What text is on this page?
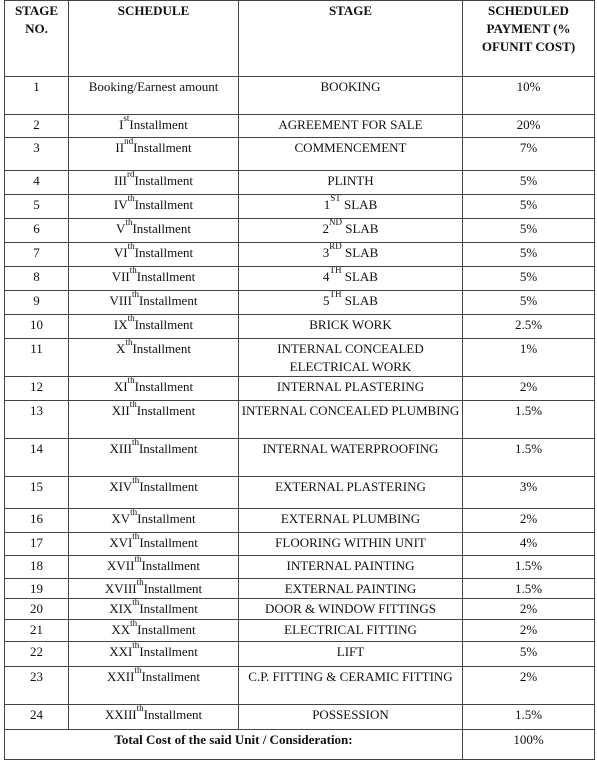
STAGE NO.	SCHEDULE	STAGE	SCHEDULED PAYMENT (% OFUNIT COST)
1	Booking/Earnest amount	BOOKING	10%
2	IstInstallment	AGREEMENT FOR SALE	20%
3	IIndInstallment	COMMENCEMENT	7%
4	IIIrdInstallment	PLINTH	5%
5	IVthInstallment	1ST SLAB	5%
6	VthInstallment	2ND SLAB	5%
7	VIthInstallment	3RD SLAB	5%
8	VIIthInstallment	4TH SLAB	5%
9	VIIIthInstallment	5TH SLAB	5%
10	IXthInstallment	BRICK WORK	2.5%
11	XthInstallment	INTERNAL CONCEALED ELECTRICAL WORK	1%
12	XIthInstallment	INTERNAL PLASTERING	2%
13	XIIthInstallment	INTERNAL CONCEALED PLUMBING	1.5%
14	XIIIthInstallment	INTERNAL WATERPROOFING	1.5%
15	XIVthInstallment	EXTERNAL PLASTERING	3%
16	XVthInstallment	EXTERNAL PLUMBING	2%
17	XVIthInstallment	FLOORING WITHIN UNIT	4%
18	XVIIthInstallment	INTERNAL PAINTING	1.5%
19	XVIIIthInstallment	EXTERNAL PAINTING	1.5%
20	XIXthInstallment	DOOR & WINDOW FITTINGS	2%
21	XXthInstallment	ELECTRICAL FITTING	2%
22	XXIthInstallment	LIFT	5%
23	XXIIthInstallment	C.P. FITTING & CERAMIC FITTING	2%
24	XXIIIthInstallment	POSSESSION	1.5%
Total Cost of the said Unit / Consideration:			100%
